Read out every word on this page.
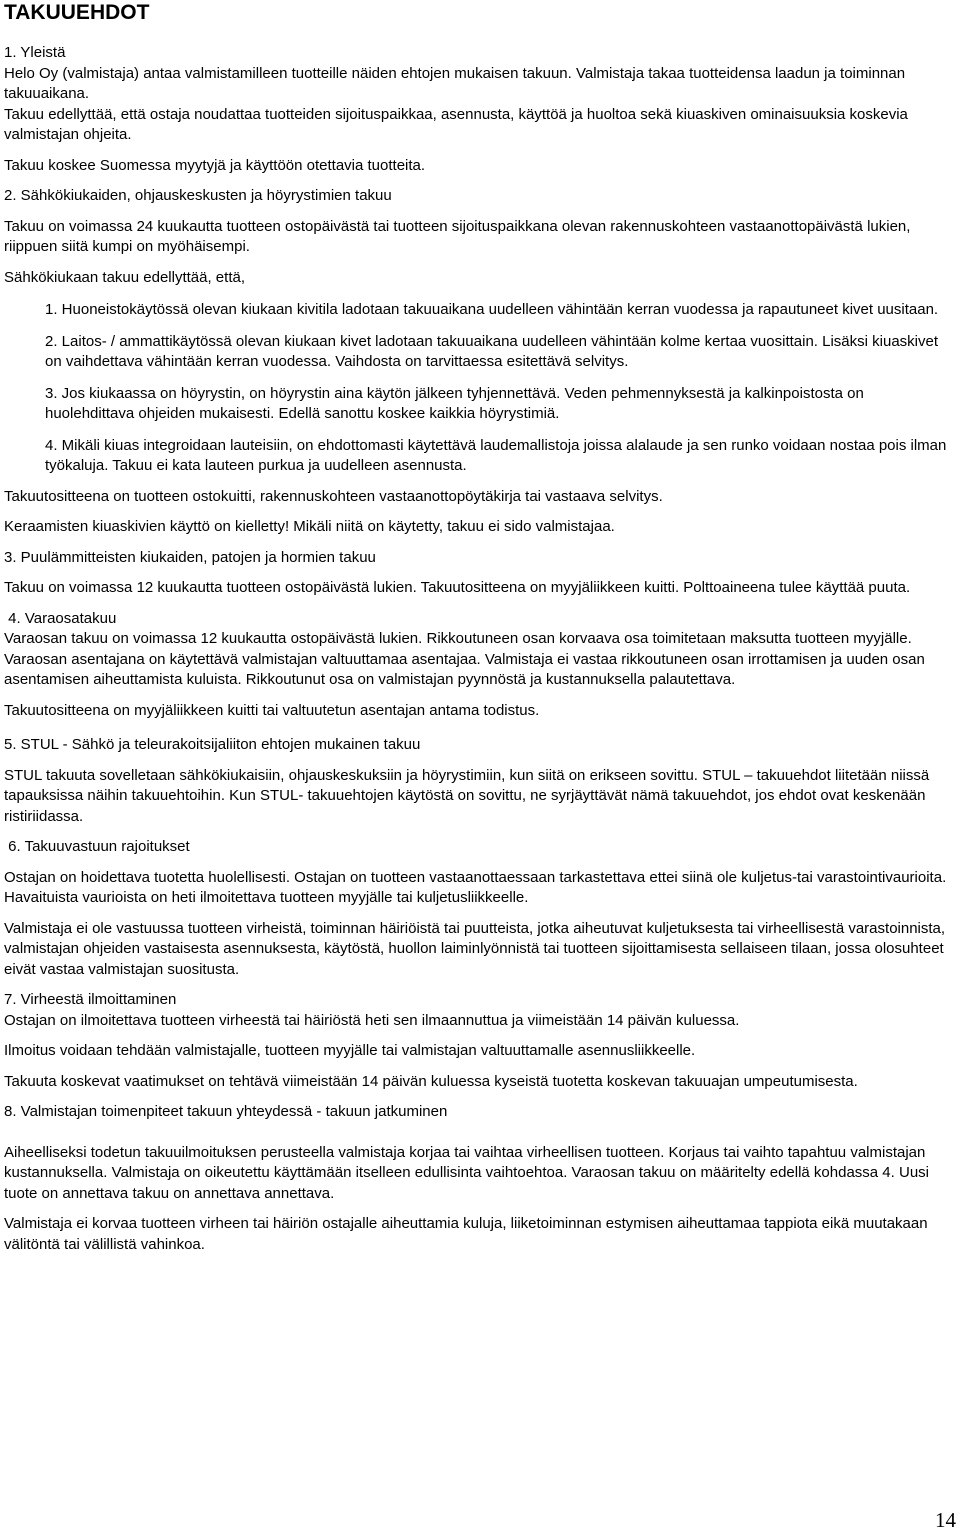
TAKUUEHDOT

1. Yleistä

Helo Oy (valmistaja) antaa valmistamilleen tuotteille näiden ehtojen mukaisen takuun. Valmistaja takaa tuotteidensa laadun ja toiminnan takuuaikana.

Takuu edellyttää, että ostaja noudattaa tuotteiden sijoituspaikkaa, asennusta, käyttöä ja huoltoa sekä kiuaskiven ominaisuuksia koskevia valmistajan ohjeita.

Takuu koskee Suomessa myytyjä ja käyttöön otettavia tuotteita.

2. Sähkökiukaiden, ohjauskeskusten ja höyrystimien takuu

Takuu on voimassa 24 kuukautta tuotteen ostopäivästä tai tuotteen sijoituspaikkana olevan rakennuskohteen vastaanottopäivästä lukien, riippuen siitä kumpi on myöhäisempi.

Sähkökiukaan takuu edellyttää, että,

1. Huoneistokäytössä olevan kiukaan kivitila ladotaan takuuaikana uudelleen vähintään kerran vuodessa ja rapautuneet kivet uusitaan.

2. Laitos- / ammattikäytössä olevan kiukaan kivet ladotaan takuuaikana uudelleen vähintään kolme kertaa vuosittain. Lisäksi kiuaskivet on vaihdettava vähintään kerran vuodessa. Vaihdosta on tarvittaessa esitettävä selvitys.

3. Jos kiukaassa on höyrystin, on höyrystin aina käytön jälkeen tyhjennettävä. Veden pehmennyksestä ja kalkinpoistosta on huolehdittava ohjeiden mukaisesti. Edellä sanottu koskee kaikkia höyrystimiä.

4. Mikäli kiuas integroidaan lauteisiin, on ehdottomasti käytettävä laudemallistoja joissa alalaude ja sen runko voidaan nostaa pois ilman työkaluja. Takuu ei kata lauteen purkua ja uudelleen asennusta.

Takuutositteena on tuotteen ostokuitti, rakennuskohteen vastaanottopöytäkirja tai vastaava selvitys.

Keraamisten kiuaskivien käyttö on kielletty! Mikäli niitä on käytetty, takuu ei sido valmistajaa.

3. Puulämmitteisten kiukaiden, patojen ja hormien takuu

Takuu on voimassa 12 kuukautta tuotteen ostopäivästä lukien. Takuutositteena on myyjäliikkeen kuitti. Polttoaineena tulee käyttää puuta.

4. Varaosatakuu

Varaosan takuu on voimassa 12 kuukautta ostopäivästä lukien. Rikkoutuneen osan korvaava osa toimitetaan maksutta tuotteen myyjälle. Varaosan asentajana on käytettävä valmistajan valtuuttamaa asentajaa. Valmistaja ei vastaa rikkoutuneen osan irrottamisen ja uuden osan asentamisen aiheuttamista kuluista. Rikkoutunut osa on valmistajan pyynnöstä ja kustannuksella palautettava.

Takuutositteena on myyjäliikkeen kuitti tai valtuutetun asentajan antama todistus.

5. STUL - Sähkö ja teleurakoitsijaliiton ehtojen mukainen takuu

STUL takuuta sovelletaan sähkökiukaisiin, ohjauskeskuksiin ja höyrystimiin, kun siitä on erikseen sovittu. STUL – takuuehdot liitetään niissä tapauksissa näihin takuuehtoihin. Kun STUL- takuuehtojen käytöstä on sovittu, ne syrjäyttävät nämä takuuehdot, jos ehdot ovat keskenään ristiriidassa.

6. Takuuvastuun rajoitukset

Ostajan on hoidettava tuotetta huolellisesti. Ostajan on tuotteen vastaanottaessaan tarkastettava ettei siinä ole kuljetus-tai varastointivaurioita. Havaituista vaurioista on heti ilmoitettava tuotteen myyjälle tai kuljetusliikkeelle.

Valmistaja ei ole vastuussa tuotteen virheistä, toiminnan häiriöistä tai puutteista, jotka aiheutuvat kuljetuksesta tai virheellisestä varastoinnista, valmistajan ohjeiden vastaisesta asennuksesta, käytöstä, huollon laiminlyönnistä tai tuotteen sijoittamisesta sellaiseen tilaan, jossa olosuhteet eivät vastaa valmistajan suositusta.

7. Virheestä ilmoittaminen

Ostajan on ilmoitettava tuotteen virheestä tai häiriöstä heti sen ilmaannuttua ja viimeistään 14 päivän kuluessa.

Ilmoitus voidaan tehdään valmistajalle, tuotteen myyjälle tai valmistajan valtuuttamalle asennusliikkeelle.

Takuuta koskevat vaatimukset on tehtävä viimeistään 14 päivän kuluessa kyseistä tuotetta koskevan takuuajan umpeutumisesta.

8. Valmistajan toimenpiteet takuun yhteydessä - takuun jatkuminen

Aiheelliseksi todetun takuuilmoituksen perusteella valmistaja korjaa tai vaihtaa virheellisen tuotteen. Korjaus tai vaihto tapahtuu valmistajan kustannuksella. Valmistaja on oikeutettu käyttämään itselleen edullisinta vaihtoehtoa. Varaosan takuu on määritelty edellä kohdassa 4. Uusi tuote on annettava takuu on annettava annettava.

Valmistaja ei korvaa tuotteen virheen tai häiriön ostajalle aiheuttamia kuluja, liiketoiminnan estymisen aiheuttamaa tappiota eikä muutakaan välitöntä tai välillistä vahinkoa.

14
